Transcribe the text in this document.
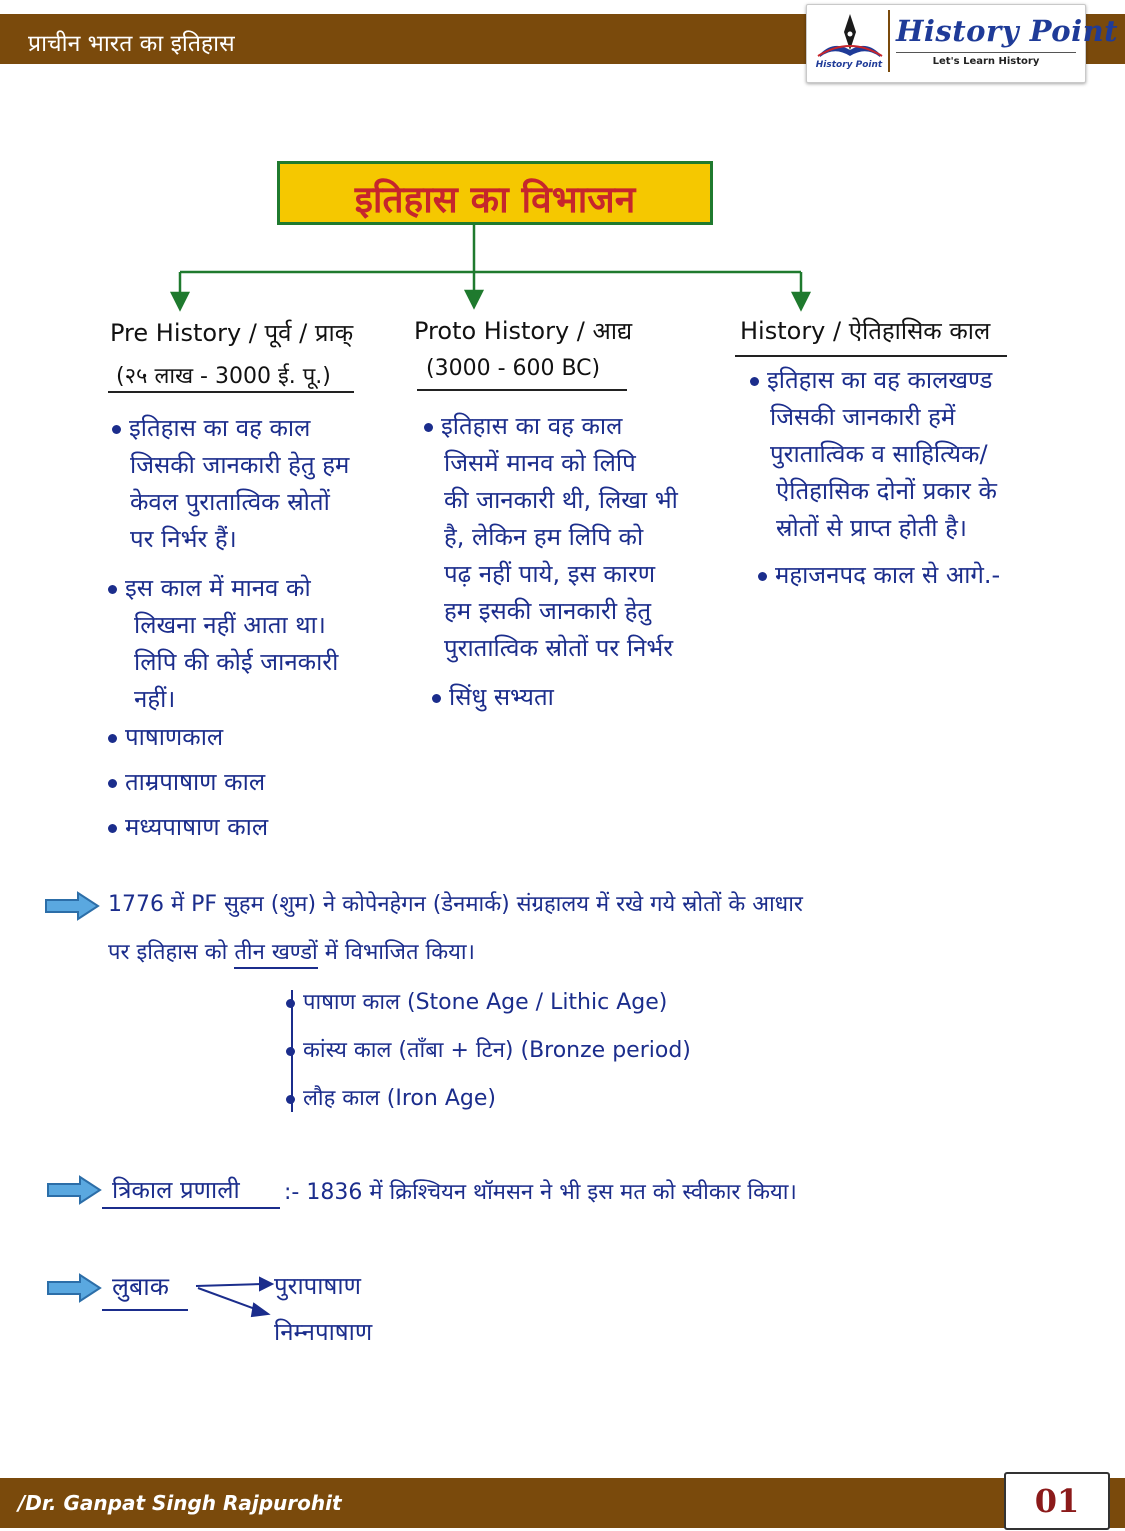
प्राचीन भारत का इतिहास
History Point
History Point
Let's Learn History
इतिहास का विभाजन
Pre History / पूर्व / प्राक्
(२५ लाख - 3000 ई. पू.)
इतिहास का वह काल
जिसकी जानकारी हेतु हम
केवल पुरातात्विक स्रोतों
पर निर्भर हैं।
इस काल में मानव को
लिखना नहीं आता था।
लिपि की कोई जानकारी
नहीं।
पाषाणकाल
ताम्रपाषाण काल
मध्यपाषाण काल
Proto History / आद्य
(3000 - 600 BC)
इतिहास का वह काल
जिसमें मानव को लिपि
की जानकारी थी, लिखा भी
है, लेकिन हम लिपि को
पढ़ नहीं पाये, इस कारण
हम इसकी जानकारी हेतु
पुरातात्विक स्रोतों पर निर्भर
सिंधु सभ्यता
History / ऐतिहासिक काल
इतिहास का वह कालखण्ड
जिसकी जानकारी हमें
पुरातात्विक व साहित्यिक/
ऐतिहासिक दोनों प्रकार के
स्रोतों से प्राप्त होती है।
महाजनपद काल से आगे.-
1776 में PF सुहम (शुम) ने कोपेनहेगन (डेनमार्क) संग्रहालय में रखे गये स्रोतों के आधार
पर इतिहास को तीन खण्डों में विभाजित किया।
पाषाण काल (Stone Age / Lithic Age)
कांस्य काल (ताँबा + टिन) (Bronze period)
लौह काल (Iron Age)
त्रिकाल प्रणाली :- 1836 में क्रिश्चियन थॉमसन ने भी इस मत को स्वीकार किया।
लुबाक	पुरापाषाण
निम्नपाषाण
/Dr. Ganpat Singh Rajpurohit	01
